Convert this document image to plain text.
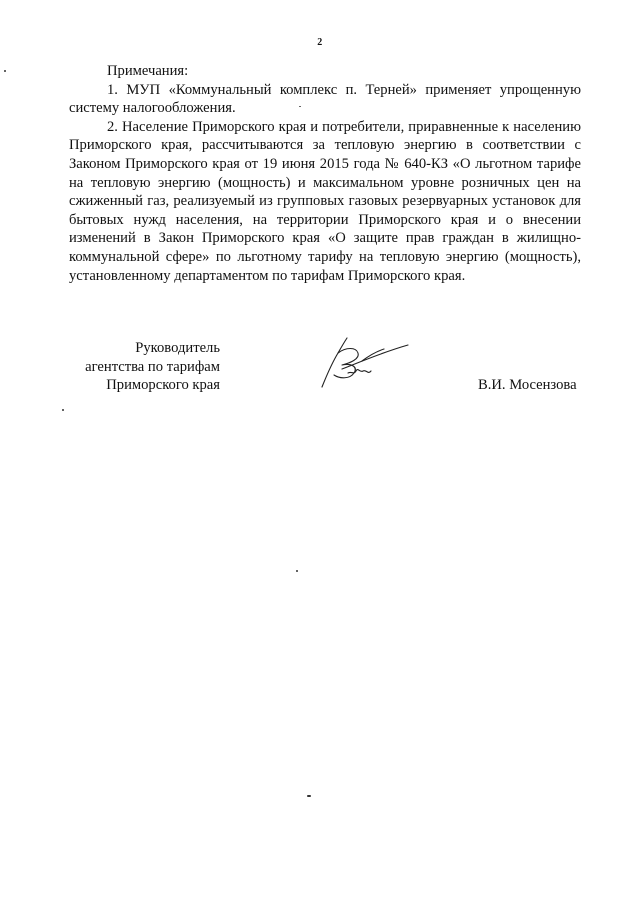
2

Примечания:

1. МУП «Коммунальный комплекс п. Терней» применяет упрощенную систему налогообложения.

2. Население Приморского края и потребители, приравненные к населению Приморского края, рассчитываются за тепловую энергию в соответствии с Законом Приморского края от 19 июня 2015 года № 640-КЗ «О льготном тарифе на тепловую энергию (мощность) и максимальном уровне розничных цен на сжиженный газ, реализуемый из групповых газовых резервуарных установок для бытовых нужд населения, на территории Приморского края и о внесении изменений в Закон Приморского края «О защите прав граждан в жилищно-коммунальной сфере» по льготному тарифу на тепловую энергию (мощность), установленному департаментом по тарифам Приморского края.

Руководитель
агентства по тарифам
Приморского края	В.И. Мосензова
